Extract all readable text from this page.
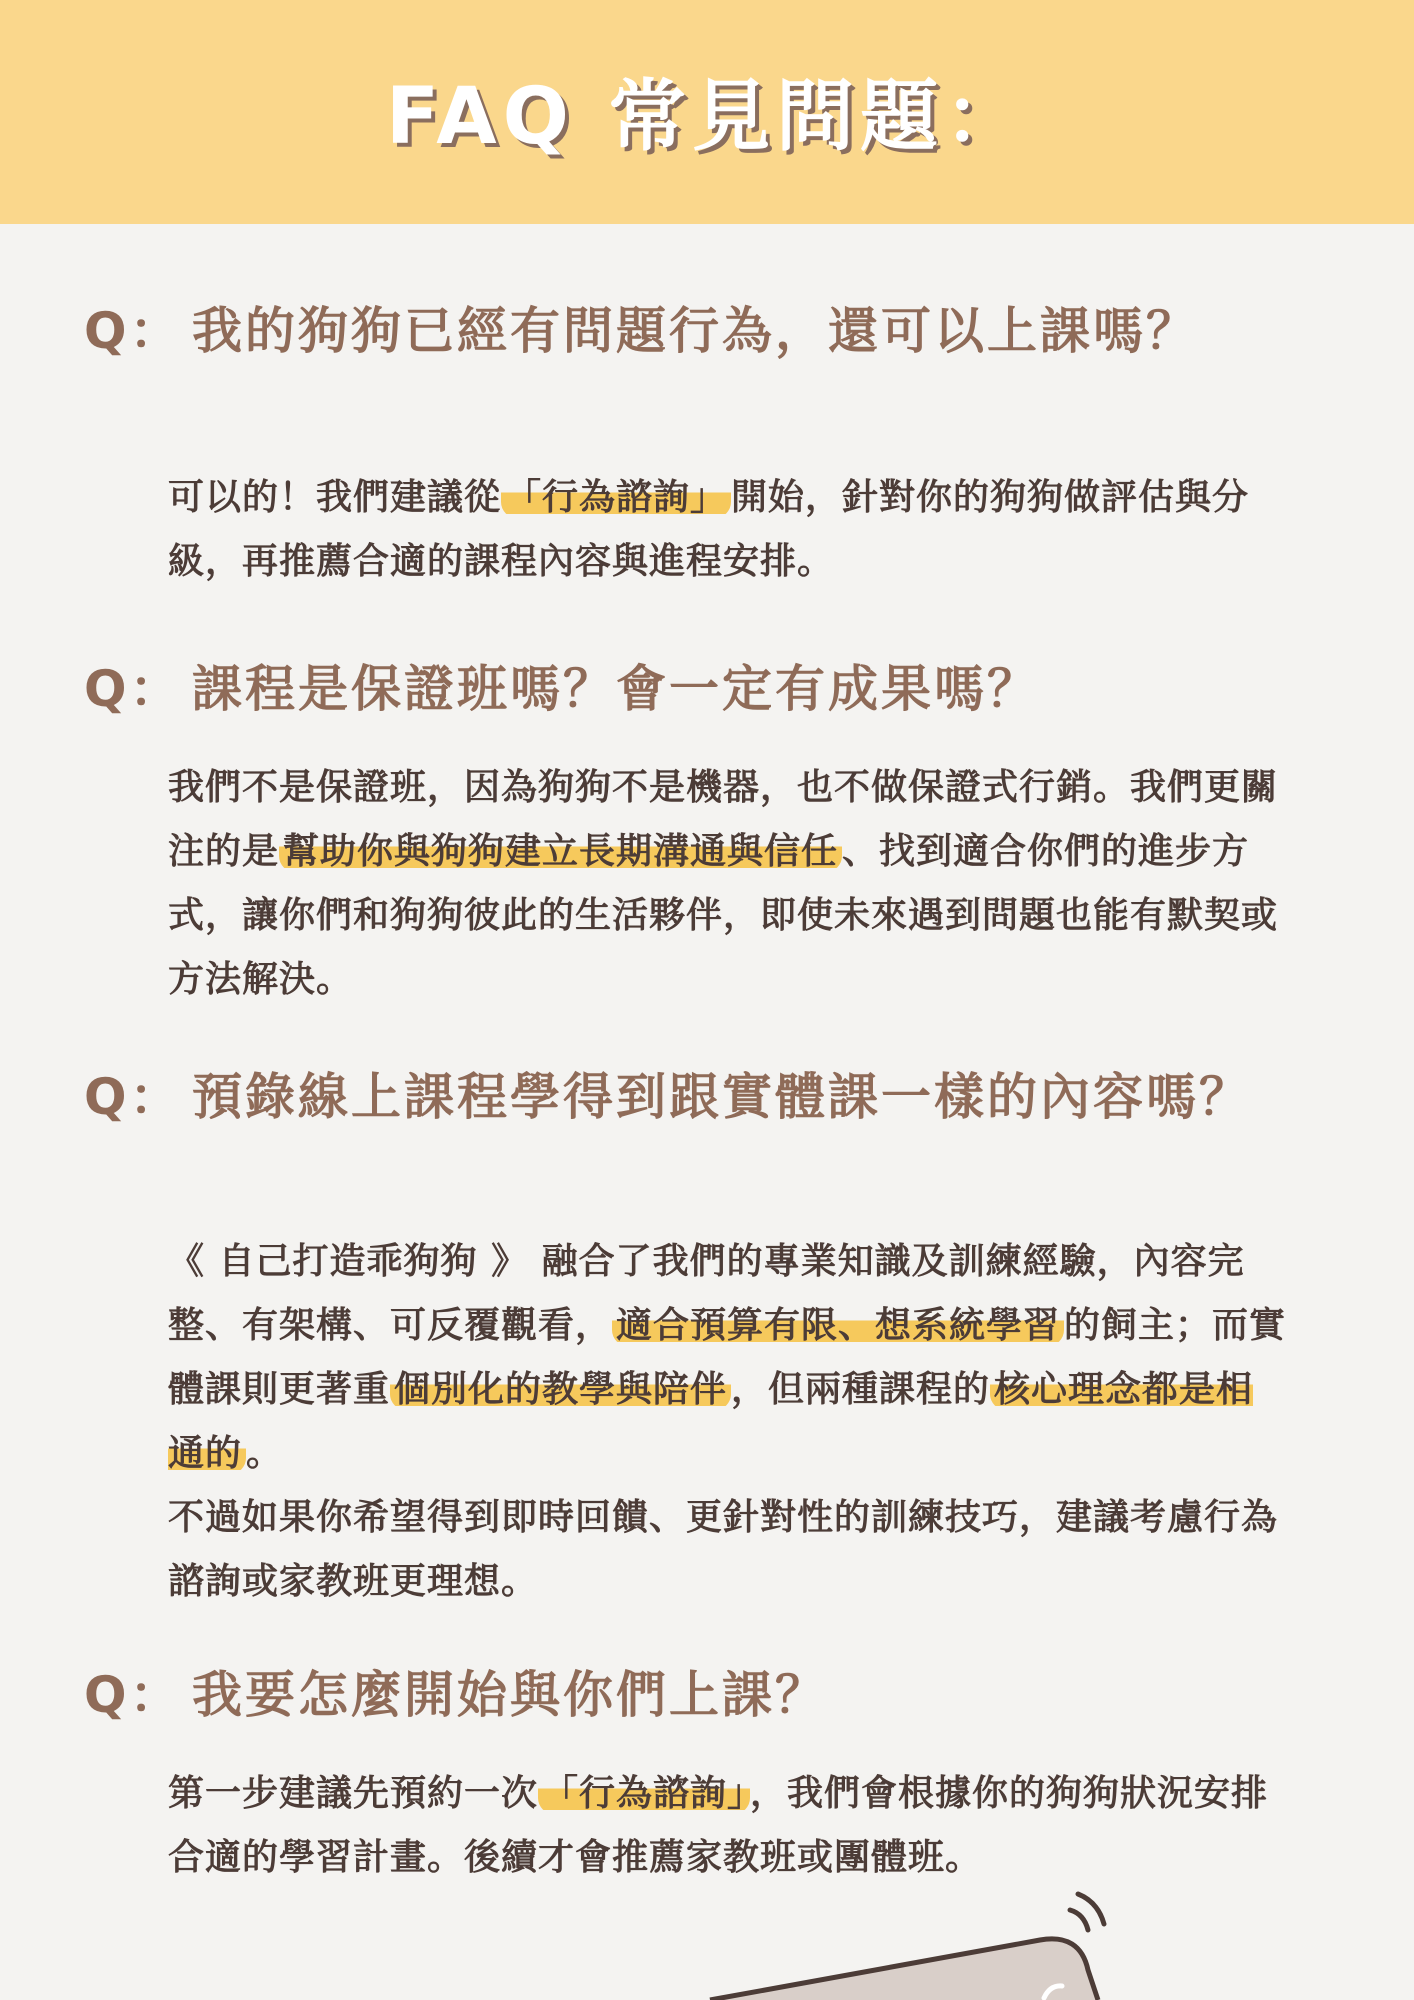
FAQ 常見問題：
Q： 我的狗狗已經有問題行為，還可以上課嗎？
可以的！我們建議從 「行為諮詢」 開始，針對你的狗狗做評估與分級，再推薦合適的課程內容與進程安排。
Q： 課程是保證班嗎？會一定有成果嗎？
我們不是保證班，因為狗狗不是機器，也不做保證式行銷。我們更關注的是 幫助你與狗狗建立長期溝通與信任 、找到適合你們的進步方式，讓你們和狗狗彼此的生活夥伴，即使未來遇到問題也能有默契或方法解決。
Q： 預錄線上課程學得到跟實體課一樣的內容嗎？
《 自己打造乖狗狗 》 融合了我們的專業知識及訓練經驗，內容完整、有架構、可反覆觀看， 適合預算有限、想系統學習 的飼主；而實體課則更著重 個別化的教學與陪伴 ，但兩種課程的 核心理念都是相通的 。
不過如果你希望得到即時回饋、更針對性的訓練技巧，建議考慮行為諮詢或家教班更理想。
Q： 我要怎麼開始與你們上課？
第一步建議先預約一次 「行為諮詢」 ，我們會根據你的狗狗狀況安排合適的學習計畫。後續才會推薦家教班或團體班。
